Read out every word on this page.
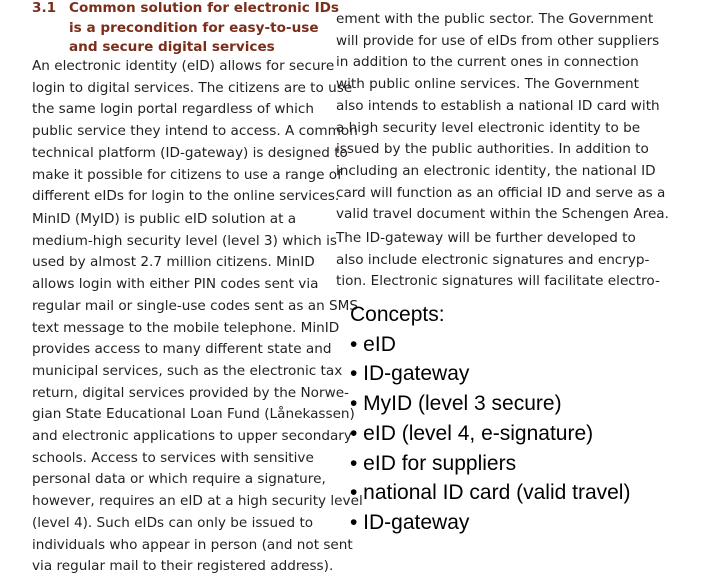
3.1 Common solution for electronic IDs
is a precondition for easy-to-use
and secure digital services
An electronic identity (eID) allows for secure
login to digital services. The citizens are to use
the same login portal regardless of which
public service they intend to access. A common
technical platform (ID-gateway) is designed to
make it possible for citizens to use a range of
different eIDs for login to the online services.
MinID (MyID) is public eID solution at a
medium-high security level (level 3) which is
used by almost 2.7 million citizens. MinID
allows login with either PIN codes sent via
regular mail or single-use codes sent as an SMS
text message to the mobile telephone. MinID
provides access to many different state and
municipal services, such as the electronic tax
return, digital services provided by the Norwe-
gian State Educational Loan Fund (Lånekassen)
and electronic applications to upper secondary
schools. Access to services with sensitive
personal data or which require a signature,
however, requires an eID at a high security level
(level 4). Such eIDs can only be issued to
individuals who appear in person (and not sent
via regular mail to their registered address).
ement with the public sector. The Government
will provide for use of eIDs from other suppliers
in addition to the current ones in connection
with public online services. The Government
also intends to establish a national ID card with
a high security level electronic identity to be
issued by the public authorities. In addition to
including an electronic identity, the national ID
card will function as an official ID and serve as a
valid travel document within the Schengen Area.
The ID-gateway will be further developed to
also include electronic signatures and encryp-
tion. Electronic signatures will facilitate electro-
Concepts:
• eID
• ID-gateway
• MyID (level 3 secure)
• eID (level 4, e-signature)
• eID for suppliers
• national ID card (valid travel)
• ID-gateway
